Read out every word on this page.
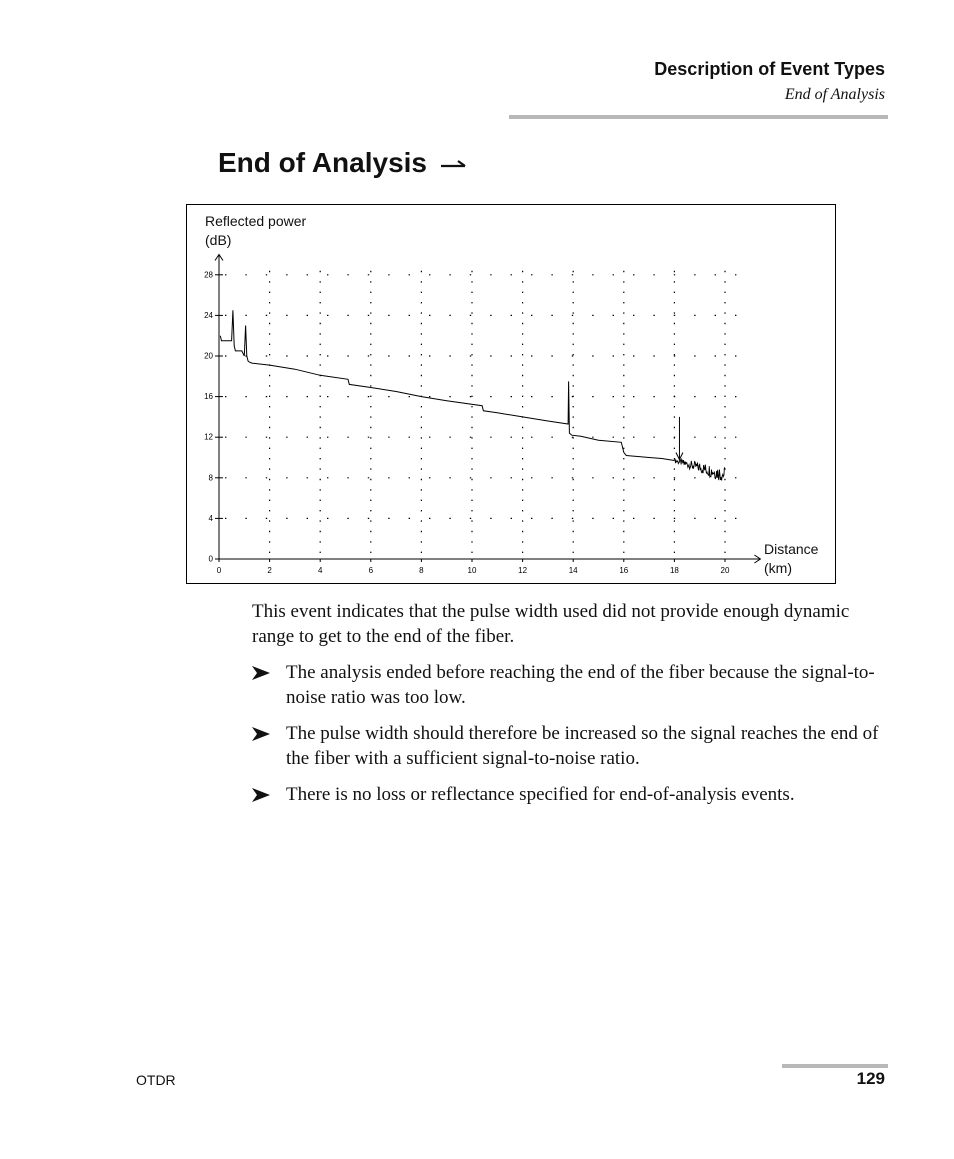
Description of Event Types
End of Analysis
End of Analysis
0	2	4	6	8	10	12	14	16	18	20
0
4
8
12
16
20
24
28
Reflected power
(dB)
Distance
(km)

This event indicates that the pulse width used did not provide enough dynamic range to get to the end of the fiber.

The analysis ended before reaching the end of the fiber because the signal-to-noise ratio was too low.
The pulse width should therefore be increased so the signal reaches the end of the fiber with a sufficient signal-to-noise ratio.
There is no loss or reflectance specified for end-of-analysis events.
OTDR	129
